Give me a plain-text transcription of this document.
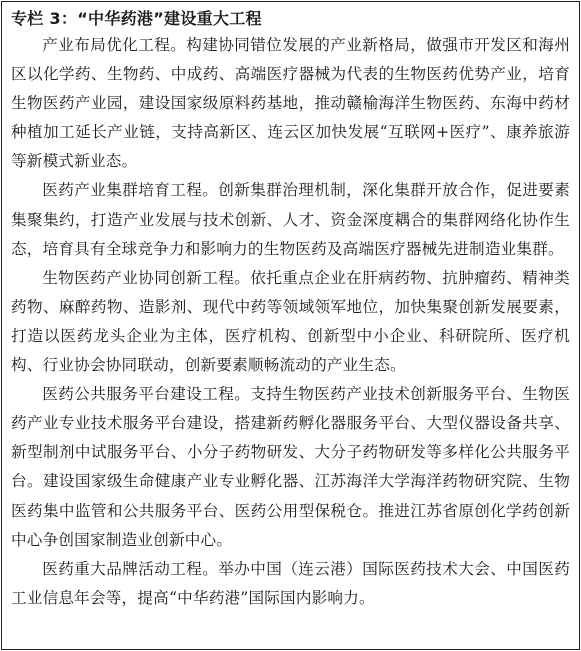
专栏 3：“中华药港”建设重大工程

产业布局优化工程。构建协同错位发展的产业新格局，做强市开发区和海州区以化学药、生物药、中成药、高端医疗器械为代表的生物医药优势产业，培育生物医药产业园，建设国家级原料药基地，推动赣榆海洋生物医药、东海中药材种植加工延长产业链，支持高新区、连云区加快发展“互联网+医疗”、康养旅游等新模式新业态。

医药产业集群培育工程。创新集群治理机制，深化集群开放合作，促进要素集聚集约，打造产业发展与技术创新、人才、资金深度耦合的集群网络化协作生态，培育具有全球竞争力和影响力的生物医药及高端医疗器械先进制造业集群。

生物医药产业协同创新工程。依托重点企业在肝病药物、抗肿瘤药、精神类药物、麻醉药物、造影剂、现代中药等领域领军地位，加快集聚创新发展要素，打造以医药龙头企业为主体，医疗机构、创新型中小企业、科研院所、医疗机构、行业协会协同联动，创新要素顺畅流动的产业生态。

医药公共服务平台建设工程。支持生物医药产业技术创新服务平台、生物医药产业专业技术服务平台建设，搭建新药孵化器服务平台、大型仪器设备共享、新型制剂中试服务平台、小分子药物研发、大分子药物研发等多样化公共服务平台。建设国家级生命健康产业专业孵化器、江苏海洋大学海洋药物研究院、生物医药集中监管和公共服务平台、医药公用型保税仓。推进江苏省原创化学药创新中心争创国家制造业创新中心。

医药重大品牌活动工程。举办中国（连云港）国际医药技术大会、中国医药工业信息年会等，提高“中华药港”国际国内影响力。
